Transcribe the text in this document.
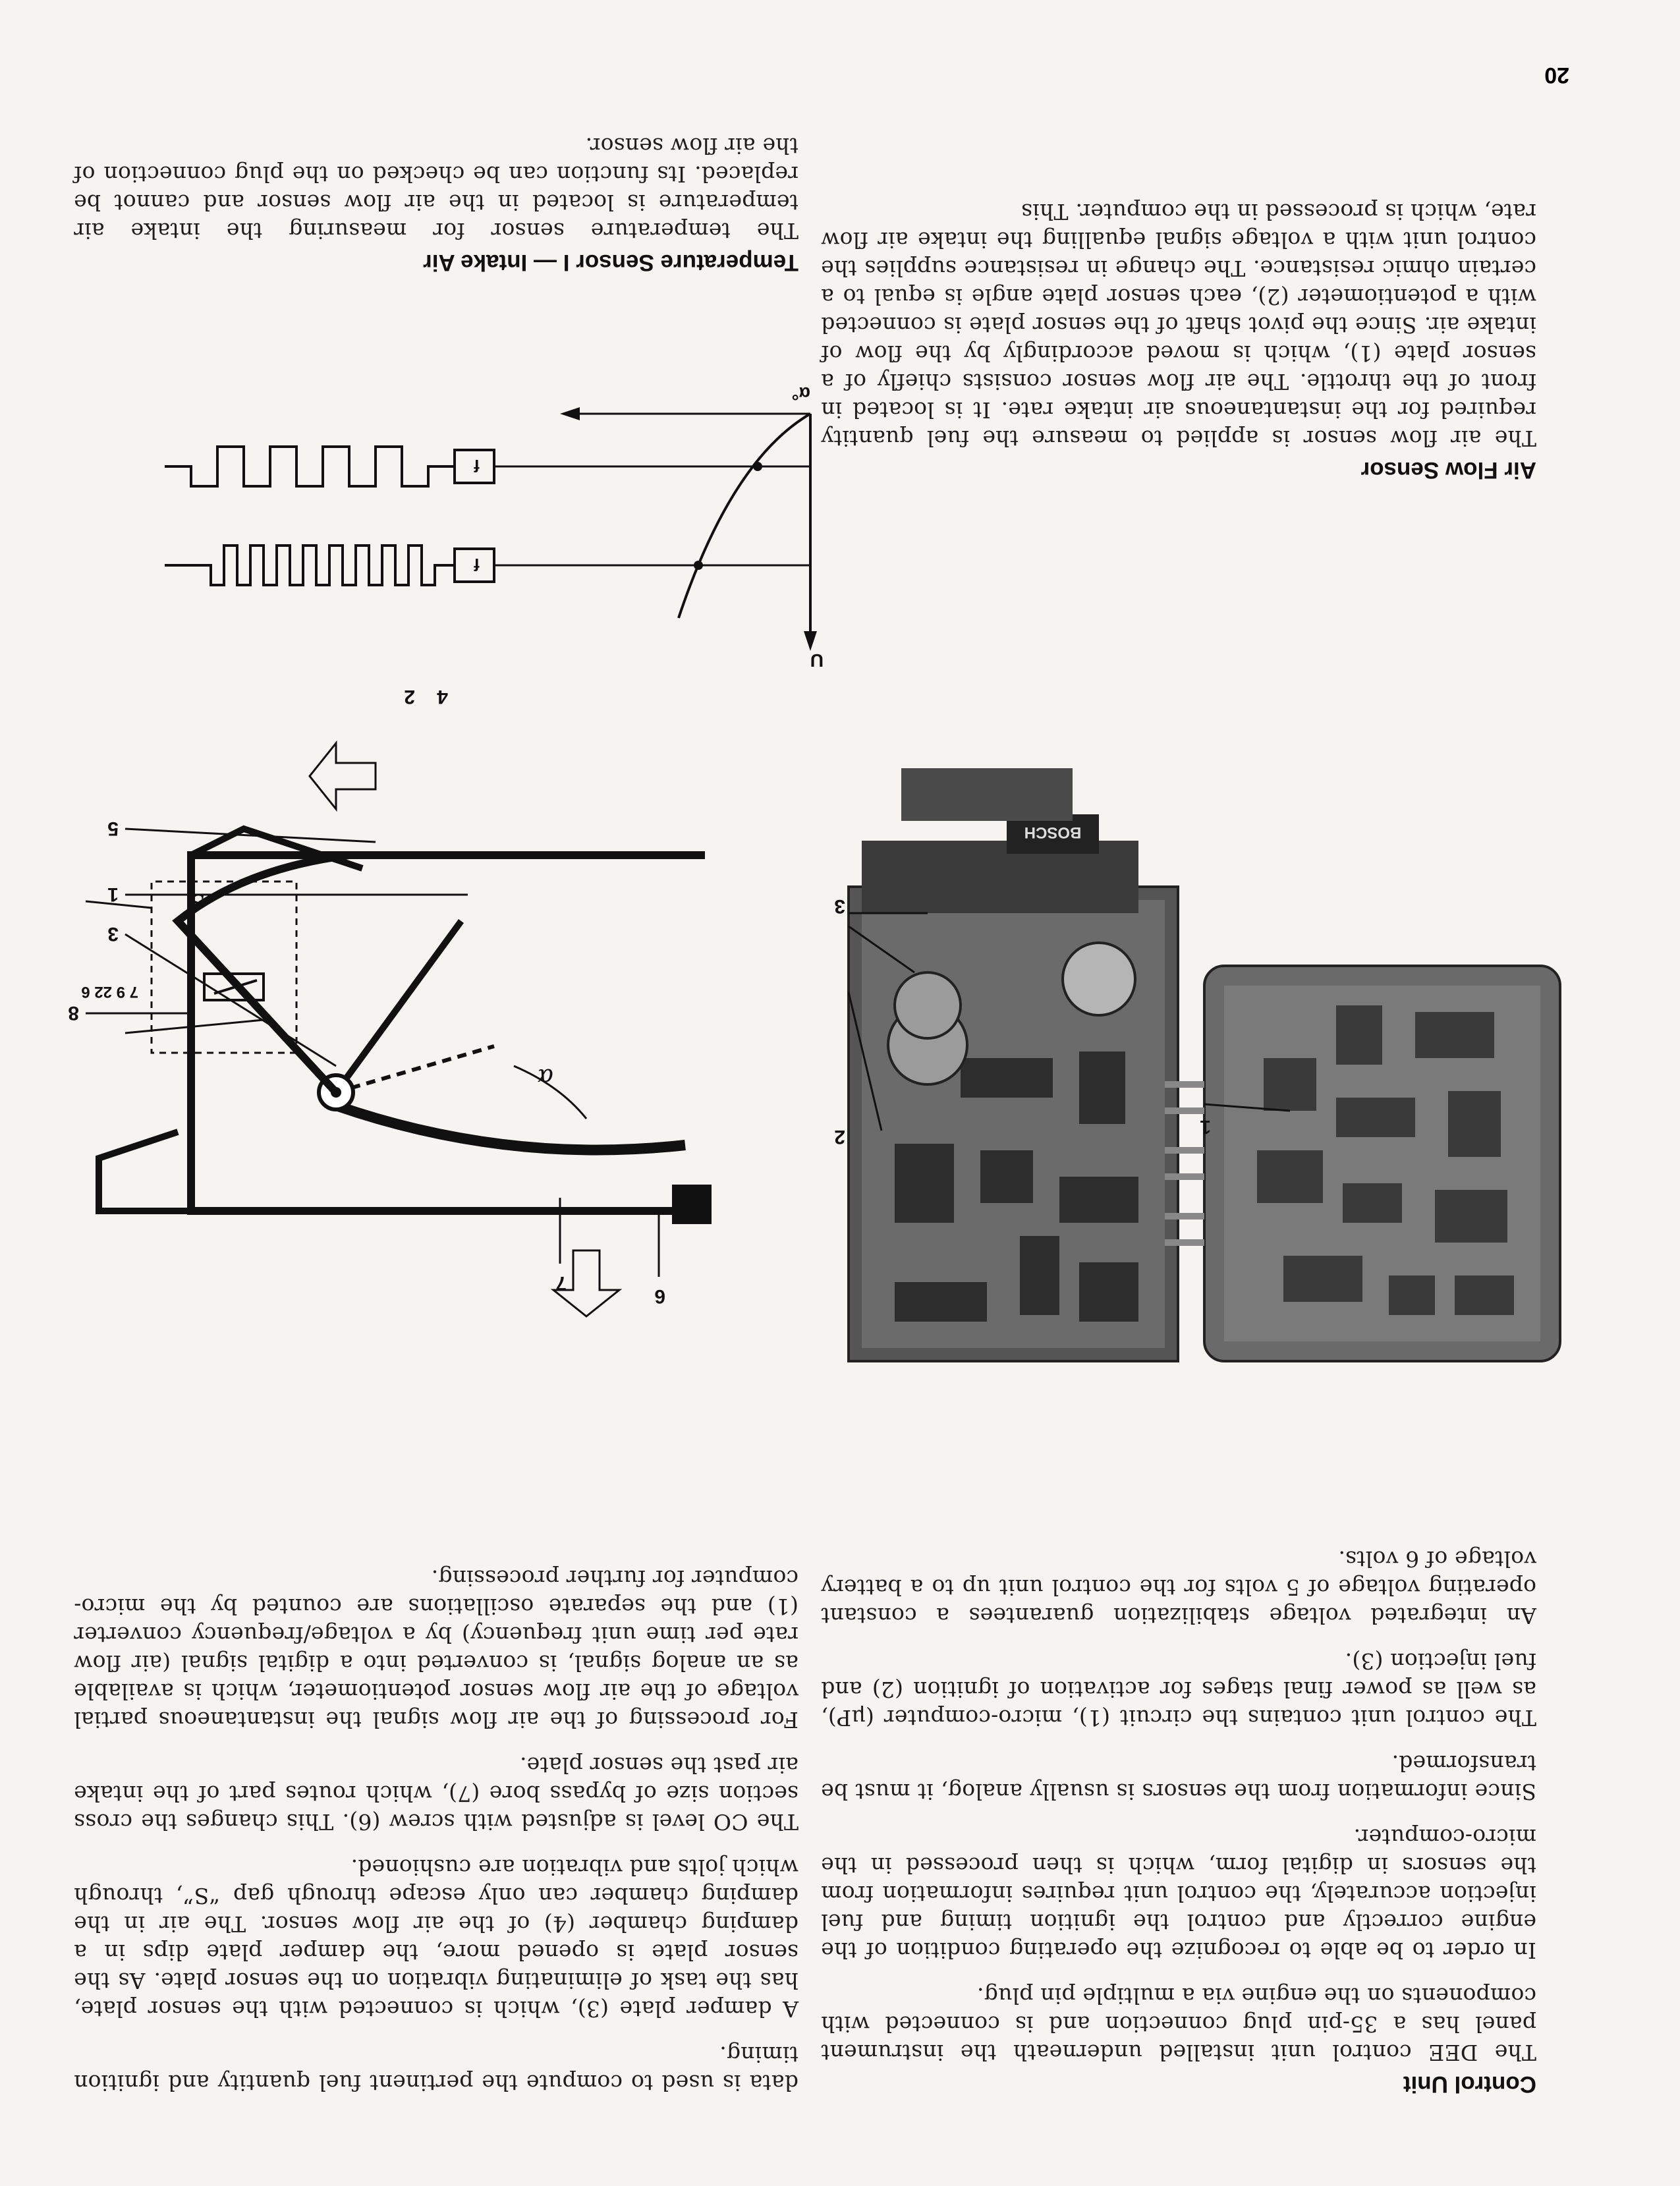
Control Unit

The DEE control unit installed underneath the instrument panel has a 35-pin plug connection and is connected with components on the engine via a multiple pin plug.

In order to be able to recognize the operating condition of the engine correctly and control the ignition timing and fuel injection accurately, the control unit requires information from the sensors in digital form, which is then processed in the micro-computer.

Since information from the sensors is usually analog, it must be transformed.

The control unit contains the circuit (1), micro-computer (μP), as well as power final stages for activation of ignition (2) and fuel injection (3).

An integrated voltage stabilization guarantees a constant operating voltage of 5 volts for the control unit up to a battery voltage of 6 volts.

BOSCH
1
2
3
Air Flow Sensor

The air flow sensor is applied to measure the fuel quantity required for the instantaneous air intake rate. It is located in front of the throttle. The air flow sensor consists chiefly of a sensor plate (1), which is moved accordingly by the flow of intake air. Since the pivot shaft of the sensor plate is connected with a potentiometer (2), each sensor plate angle is equal to a certain ohmic resistance. The change in resistance supplies the control unit with a voltage signal equalling the intake air flow rate, which is processed in the computer. This

20

data is used to compute the pertinent fuel quantity and ignition timing.

A damper plate (3), which is connected with the sensor plate, has the task of eliminating vibration on the sensor plate. As the sensor plate is opened more, the damper plate dips in a damping chamber (4) of the air flow sensor. The air in the damping chamber can only escape through gap “S”, through which jolts and vibration are cushioned.

The CO level is adjusted with screw (6). This changes the cross section size of bypass bore (7), which routes part of the intake air past the sensor plate.

For processing of the air flow signal the instantaneous partial voltage of the air flow sensor potentiometer, which is available as an analog signal, is converted into a digital signal (air flow rate per time unit frequency) by a voltage/frequency converter (1) and the separate oscillations are counted by the micro-computer for further processing.

α
S
7 9 22 6
1
2
3
4
5
6
7
8
U
α°
f
f
Temperature Sensor I — Intake Air

The temperature sensor for measuring the intake air temperature is located in the air flow sensor and cannot be replaced. Its function can be checked on the plug connection of the air flow sensor.
